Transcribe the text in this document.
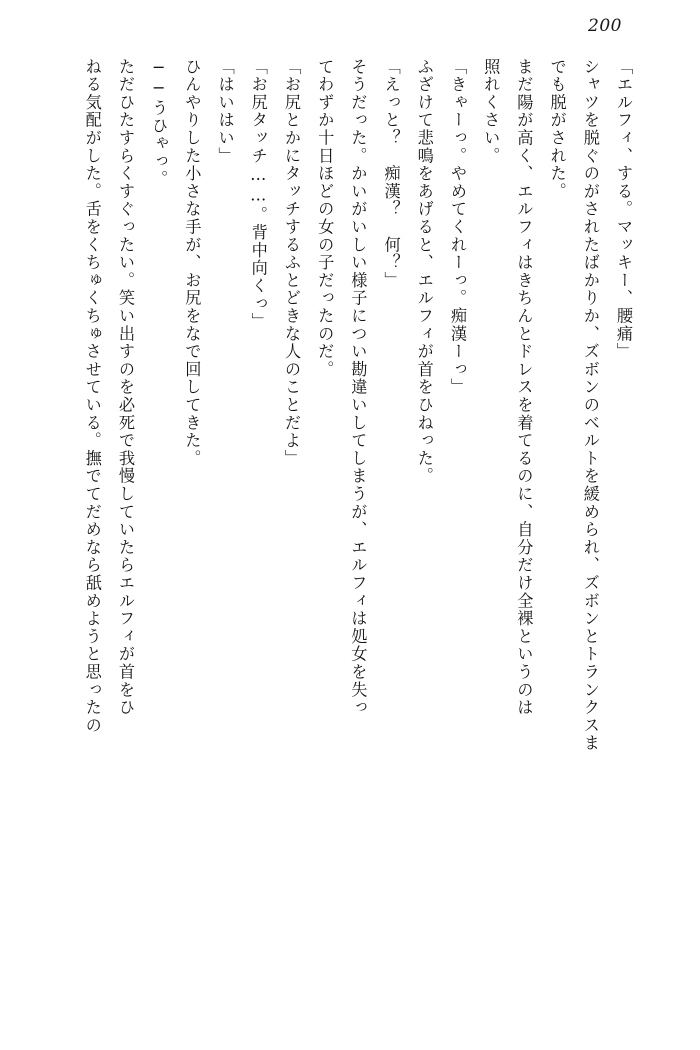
200

「エルフィ、する。マッキー、腰痛」

シャツを脱ぐのがされたばかりか、ズボンのベルトを緩められ、ズボンとトランクスま

でも脱がされた。

まだ陽が高く、エルフィはきちんとドレスを着てるのに、自分だけ全裸というのは

照れくさい。

「きゃーっ。やめてくれーっ。痴漢ーっ」

ふざけて悲鳴をあげると、エルフィが首をひねった。

「えっと？　痴漢？　何？」

そうだった。かいがいしい様子につい勘違いしてしまうが、エルフィは処女を失っ

てわずか十日ほどの女の子だったのだ。

「お尻とかにタッチするふとどきな人のことだよ」

「お尻タッチ……。背中向くっ」

「はいはい」

ひんやりした小さな手が、お尻をなで回してきた。

──うひゃっ。

ただひたすらくすぐったい。笑い出すのを必死で我慢していたらエルフィが首をひ

ねる気配がした。舌をくちゅくちゅさせている。撫でてだめなら舐めようと思ったの
